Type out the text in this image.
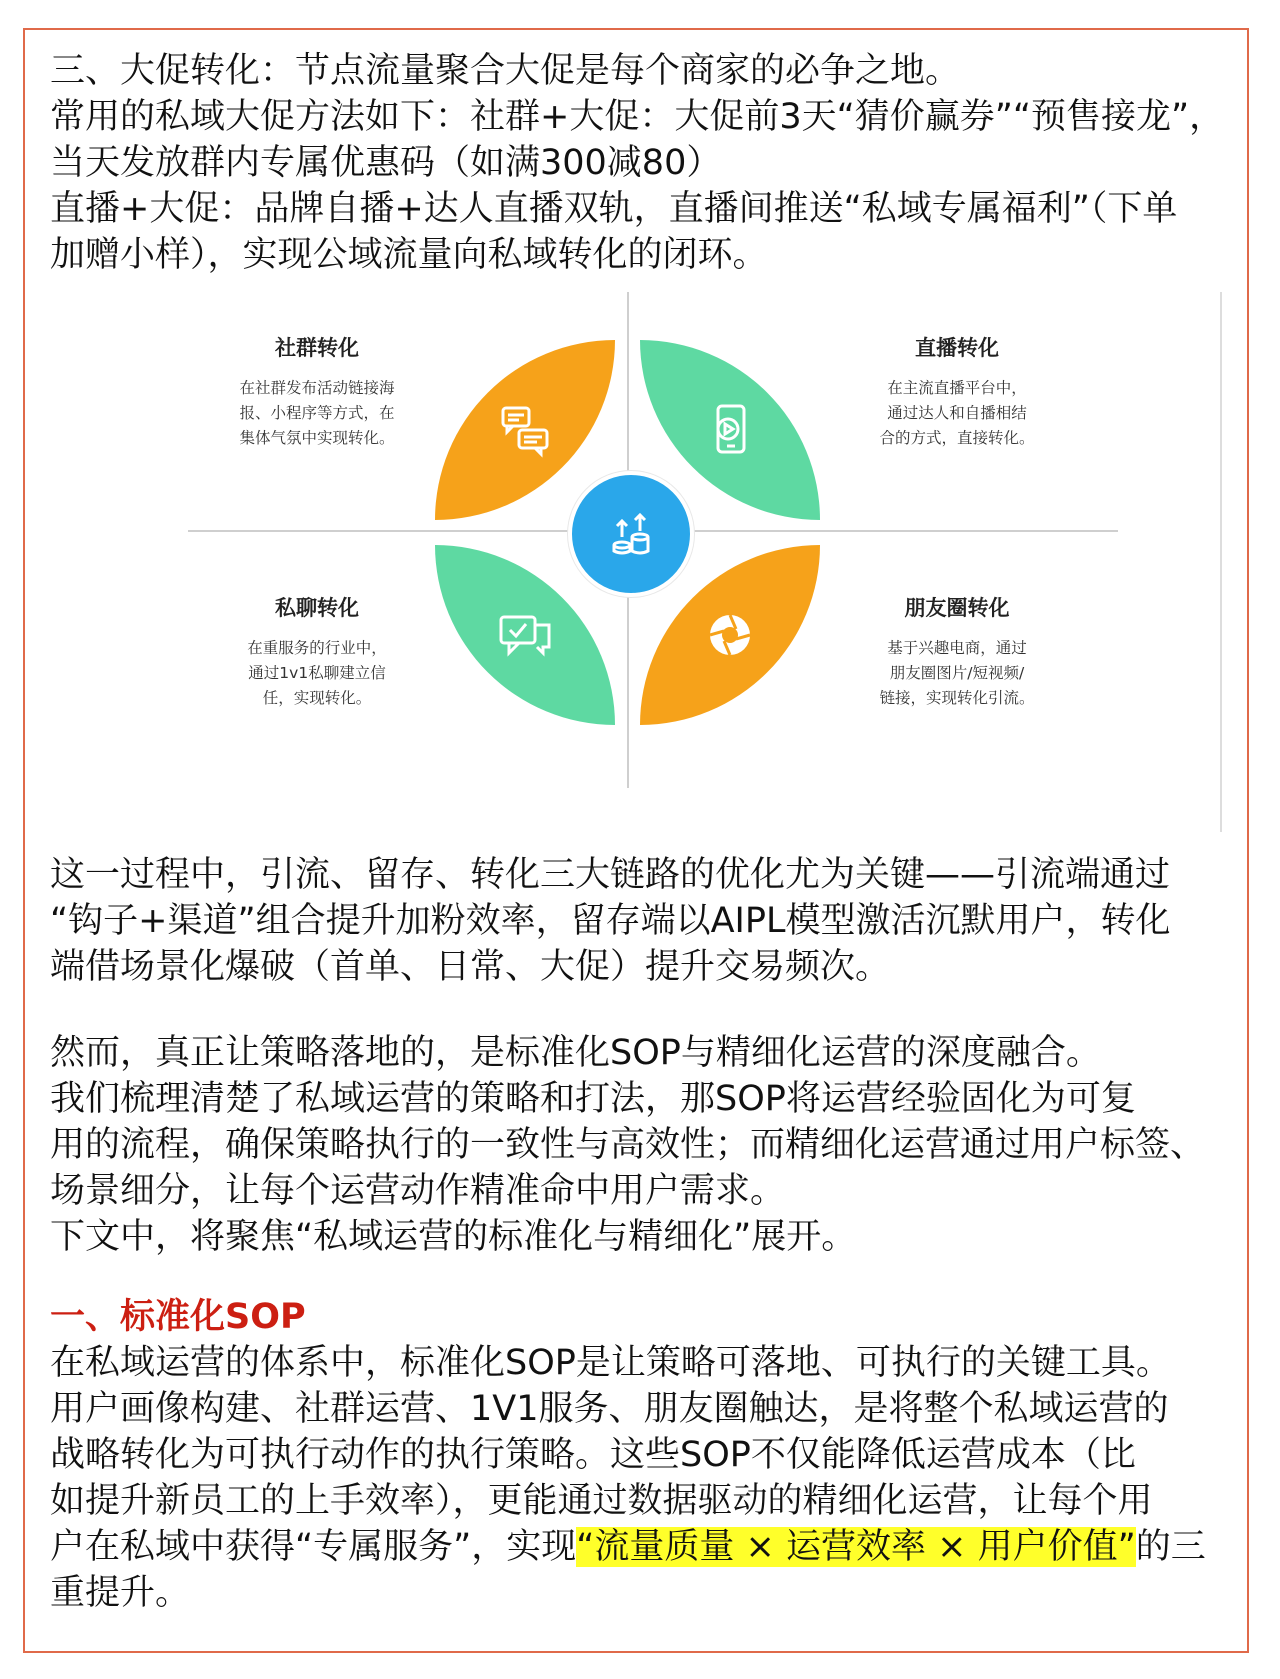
三、大促转化：节点流量聚合大促是每个商家的必争之地。
常用的私域大促方法如下：社群+大促：大促前3天“猜价赢券”“预售接龙”，
当天发放群内专属优惠码（如满300减80）
直播+大促：品牌自播+达人直播双轨，直播间推送“私域专属福利”（下单
加赠小样），实现公域流量向私域转化的闭环。
社群转化
在社群发布活动链接海
报、小程序等方式，在
集体气氛中实现转化。
直播转化
在主流直播平台中，
通过达人和自播相结
合的方式，直接转化。
私聊转化
在重服务的行业中，
通过1v1私聊建立信
任，实现转化。
朋友圈转化
基于兴趣电商，通过
朋友圈图片/短视频/
链接，实现转化引流。
这一过程中，引流、留存、转化三大链路的优化尤为关键——引流端通过
“钩子+渠道”组合提升加粉效率，留存端以AIPL模型激活沉默用户，转化
端借场景化爆破（首单、日常、大促）提升交易频次。
然而，真正让策略落地的，是标准化SOP与精细化运营的深度融合。
我们梳理清楚了私域运营的策略和打法，那SOP将运营经验固化为可复
用的流程，确保策略执行的一致性与高效性；而精细化运营通过用户标签、
场景细分，让每个运营动作精准命中用户需求。
下文中，将聚焦“私域运营的标准化与精细化”展开。
一、标准化SOP
在私域运营的体系中，标准化SOP是让策略可落地、可执行的关键工具。
用户画像构建、社群运营、1V1服务、朋友圈触达，是将整个私域运营的
战略转化为可执行动作的执行策略。这些SOP不仅能降低运营成本（比
如提升新员工的上手效率），更能通过数据驱动的精细化运营，让每个用
户在私域中获得“专属服务”，实现“流量质量 × 运营效率 × 用户价值”的三
重提升。
